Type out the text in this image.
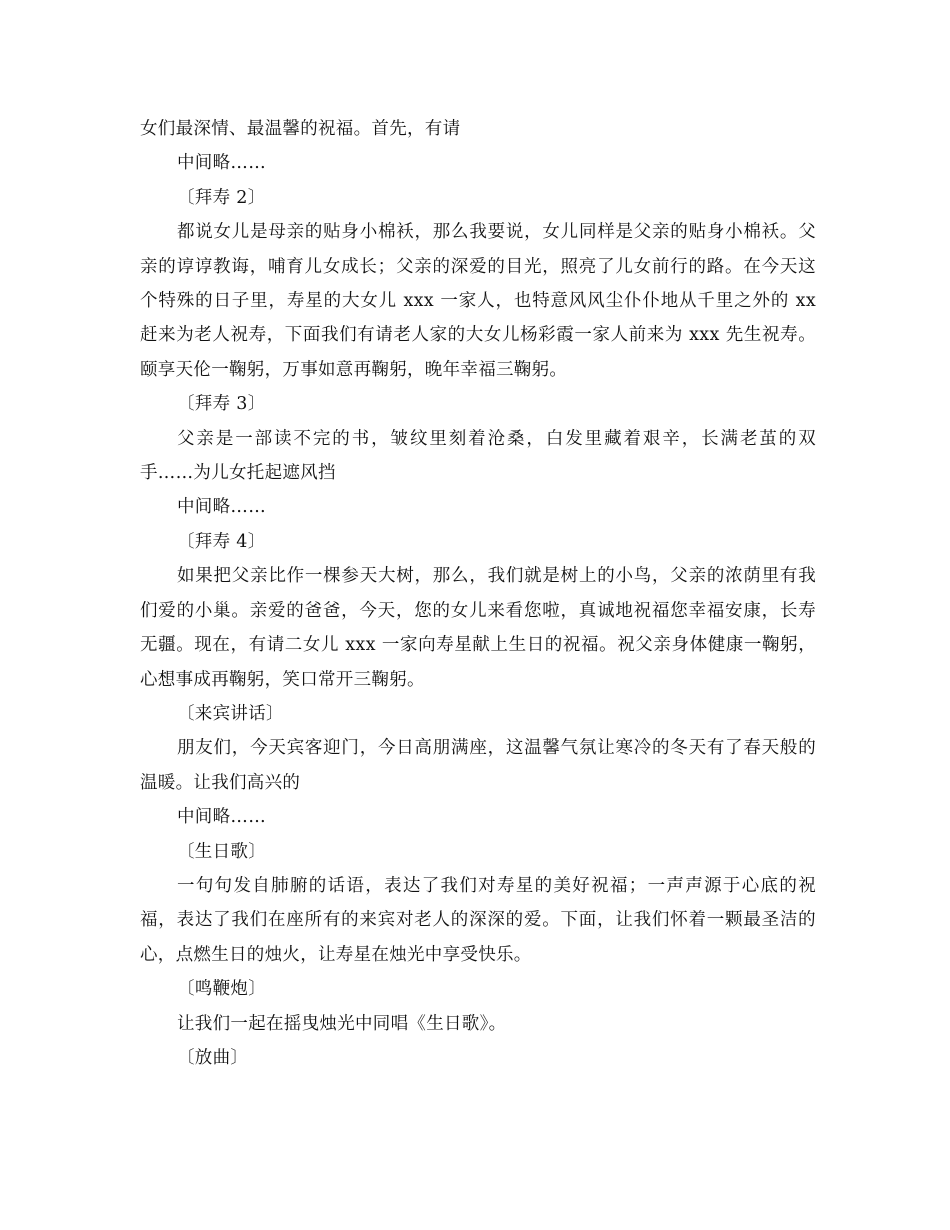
女们最深情、最温馨的祝福。首先，有请

中间略……

〔拜寿 2〕

都说女儿是母亲的贴身小棉袄，那么我要说，女儿同样是父亲的贴身小棉袄。父亲的谆谆教诲，哺育儿女成长；父亲的深爱的目光，照亮了儿女前行的路。在今天这个特殊的日子里，寿星的大女儿 xxx 一家人，也特意风风尘仆仆地从千里之外的 xx 赶来为老人祝寿，下面我们有请老人家的大女儿杨彩霞一家人前来为 xxx 先生祝寿。颐享天伦一鞠躬，万事如意再鞠躬，晚年幸福三鞠躬。

〔拜寿 3〕

父亲是一部读不完的书，皱纹里刻着沧桑，白发里藏着艰辛，长满老茧的双手……为儿女托起遮风挡

中间略……

〔拜寿 4〕

如果把父亲比作一棵参天大树，那么，我们就是树上的小鸟，父亲的浓荫里有我们爱的小巢。亲爱的爸爸，今天，您的女儿来看您啦，真诚地祝福您幸福安康，长寿无疆。现在，有请二女儿 xxx 一家向寿星献上生日的祝福。祝父亲身体健康一鞠躬，心想事成再鞠躬，笑口常开三鞠躬。

〔来宾讲话〕

朋友们，今天宾客迎门，今日高朋满座，这温馨气氛让寒冷的冬天有了春天般的温暖。让我们高兴的

中间略……

〔生日歌〕

一句句发自肺腑的话语，表达了我们对寿星的美好祝福；一声声源于心底的祝福，表达了我们在座所有的来宾对老人的深深的爱。下面，让我们怀着一颗最圣洁的心，点燃生日的烛火，让寿星在烛光中享受快乐。

〔鸣鞭炮〕

让我们一起在摇曳烛光中同唱《生日歌》。

〔放曲〕
